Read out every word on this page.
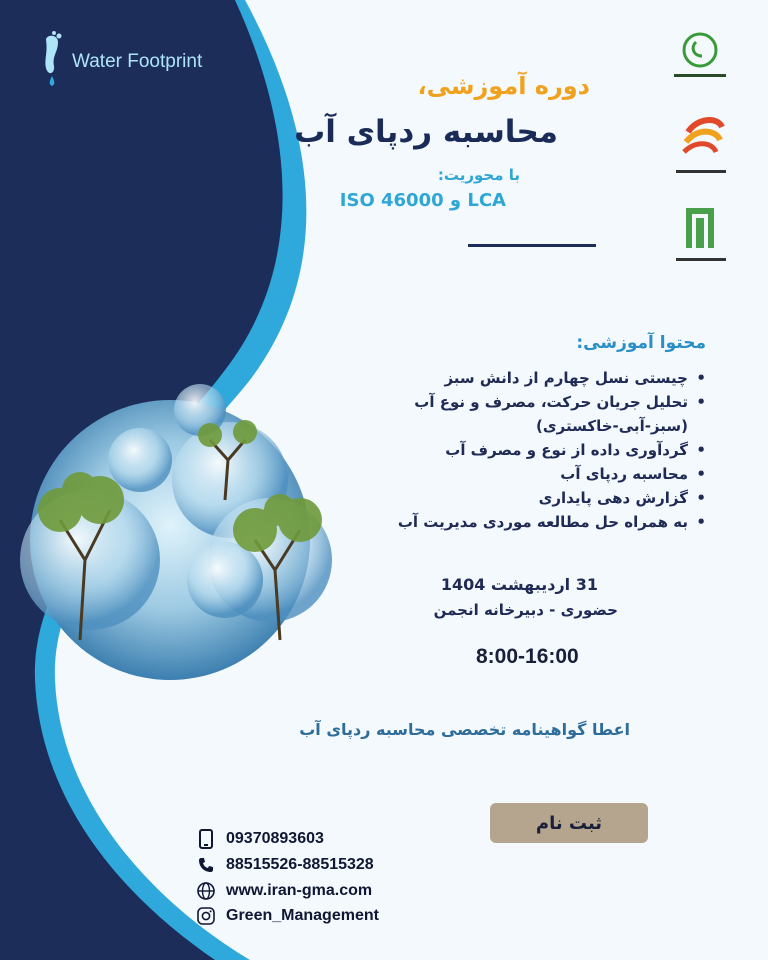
Water Footprint
دوره آموزشی،
محاسبه ردپای آب
با محوریت:
ISO 46000 و LCA
محتوا آموزشی:
• چیستی نسل چهارم از دانش سبز
• تحلیل جریان حرکت، مصرف و نوع آب
(سبز-آبی-خاکستری)
• گردآوری داده از نوع و مصرف آب
• محاسبه ردپای آب
• گزارش دهی پایداری
• به همراه حل مطالعه موردی مدیریت آب
31 اردیبهشت 1404
حضوری - دبیرخانه انجمن
8:00-16:00
اعطا گواهینامه تخصصی محاسبه ردپای آب
ثبت نام
09370893603
88515526-88515328
www.iran-gma.com
Green_Management
